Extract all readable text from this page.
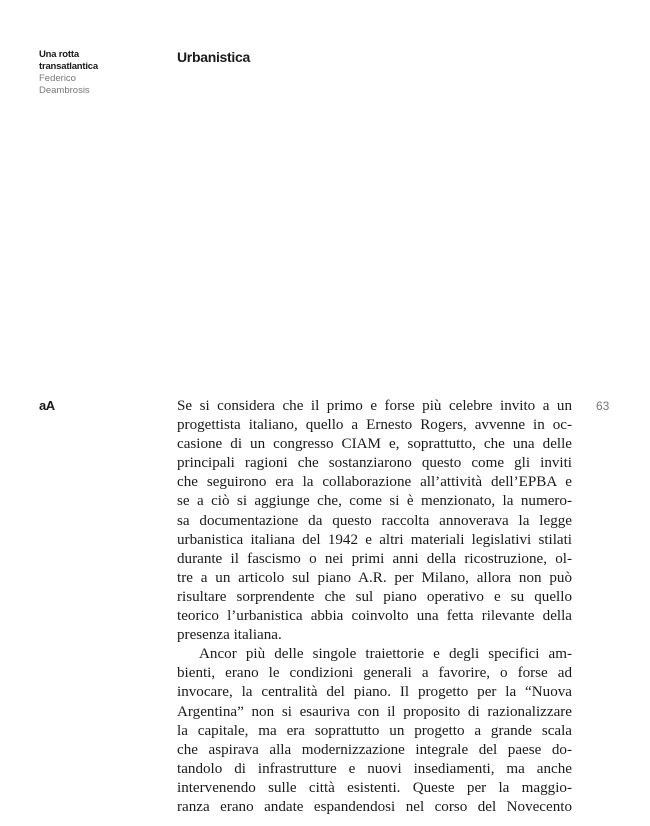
Una rotta
transatlantica
Federico
Deambrosis
Urbanistica
aA	63

Se si considera che il primo e forse più celebre invito a un
progettista italiano, quello a Ernesto Rogers, avvenne in oc-
casione di un congresso CIAM e, soprattutto, che una delle
principali ragioni che sostanziarono questo come gli inviti
che seguirono era la collaborazione all’attività dell’EPBA e
se a ciò si aggiunge che, come si è menzionato, la numero-
sa documentazione da questo raccolta annoverava la legge
urbanistica italiana del 1942 e altri materiali legislativi stilati
durante il fascismo o nei primi anni della ricostruzione, ol-
tre a un articolo sul piano A.R. per Milano, allora non può
risultare sorprendente che sul piano operativo e su quello
teorico l’urbanistica abbia coinvolto una fetta rilevante della
presenza italiana.

Ancor più delle singole traiettorie e degli specifici am-
bienti, erano le condizioni generali a favorire, o forse ad
invocare, la centralità del piano. Il progetto per la “Nuova
Argentina” non si esauriva con il proposito di razionalizzare
la capitale, ma era soprattutto un progetto a grande scala
che aspirava alla modernizzazione integrale del paese do-
tandolo di infrastrutture e nuovi insediamenti, ma anche
intervenendo sulle città esistenti. Queste per la maggio-
ranza erano andate espandendosi nel corso del Novecento
